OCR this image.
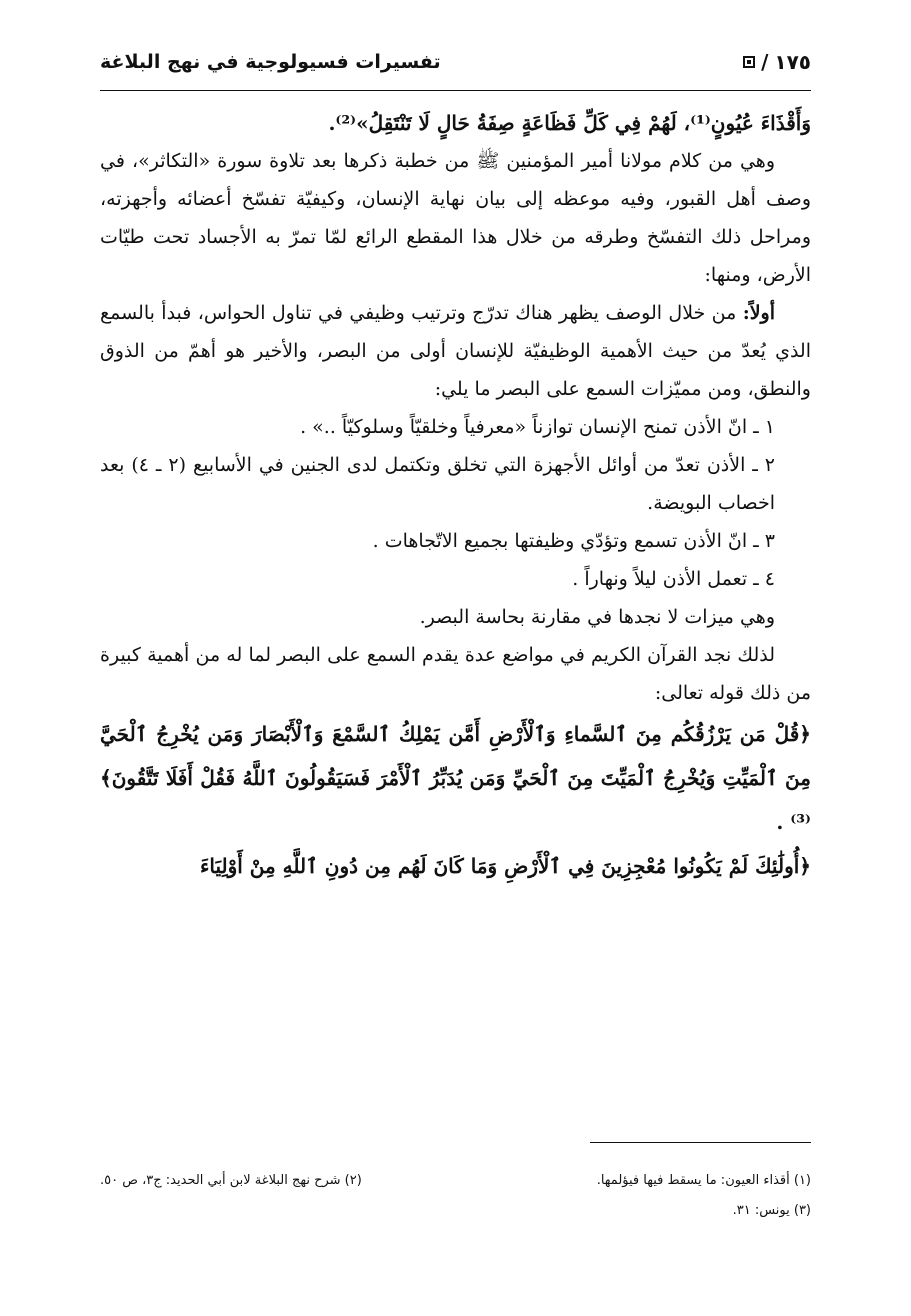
تفسيرات فسيولوجية في نهج البلاغة	١٧٥
/

وَأَقْذَاءَ عُيُونٍ⁽¹⁾، لَهُمْ فِي كَلِّ فَظَاعَةٍ صِفَةُ حَالٍ لَا تَنْتَقِلُ»⁽²⁾.

وهي من كلام مولانا أمير المؤمنين ﷺ من خطبة ذكرها بعد تلاوة سورة «التكاثر»، في وصف أهل القبور، وفيه موعظه إلى بيان نهاية الإنسان، وكيفيّة تفسّخ أعضائه وأجهزته، ومراحل ذلك التفسّخ وطرقه من خلال هذا المقطع الرائع لمّا تمرّ به الأجساد تحت طيّات الأرض، ومنها:

أولاً: من خلال الوصف يظهر هناك تدرّج وترتيب وظيفي في تناول الحواس، فبدأ بالسمع الذي يُعدّ من حيث الأهمية الوظيفيّة للإنسان أولى من البصر، والأخير هو أهمّ من الذوق والنطق، ومن مميّزات السمع على البصر ما يلي:

١ ـ انّ الأذن تمنح الإنسان توازناً «معرفياً وخلقيّاً وسلوكيّاً ..» .

٢ ـ الأذن تعدّ من أوائل الأجهزة التي تخلق وتكتمل لدى الجنين في الأسابيع (٢ ـ ٤) بعد اخصاب البويضة.

٣ ـ انّ الأذن تسمع وتؤدّي وظيفتها بجميع الاتّجاهات .

٤ ـ تعمل الأذن ليلاً ونهاراً .

وهي ميزات لا نجدها في مقارنة بحاسة البصر.

لذلك نجد القرآن الكريم في مواضع عدة يقدم السمع على البصر لما له من أهمية كبيرة من ذلك قوله تعالى:

﴿قُلْ مَن يَرْزُقُكُم مِنَ ٱلسَّماءِ وَٱلْأَرْضِ أَمَّن يَمْلِكُ ٱلسَّمْعَ وَٱلْأَبْصَارَ وَمَن يُخْرِجُ ٱلْحَيَّ مِنَ ٱلْمَيِّتِ وَيُخْرِجُ ٱلْمَيِّتَ مِنَ ٱلْحَيِّ وَمَن يُدَبِّرُ ٱلْأَمْرَ فَسَيَقُولُونَ ٱللَّهُ فَقُلْ أَفَلَا تَتَّقُونَ﴾⁽³⁾ .

﴿أُولَٰئِكَ لَمْ يَكُونُوا مُعْجِزِينَ فِي ٱلْأَرْضِ وَمَا كَانَ لَهُم مِن دُونِ ٱللَّهِ مِنْ أَوْلِيَاءَ

(١) أقذاء العيون: ما يسقط فيها فيؤلمها.
(٢) شرح نهج البلاغة لابن أبي الحديد: ج٣، ص ٥٠.
(٣) يونس: ٣١.
